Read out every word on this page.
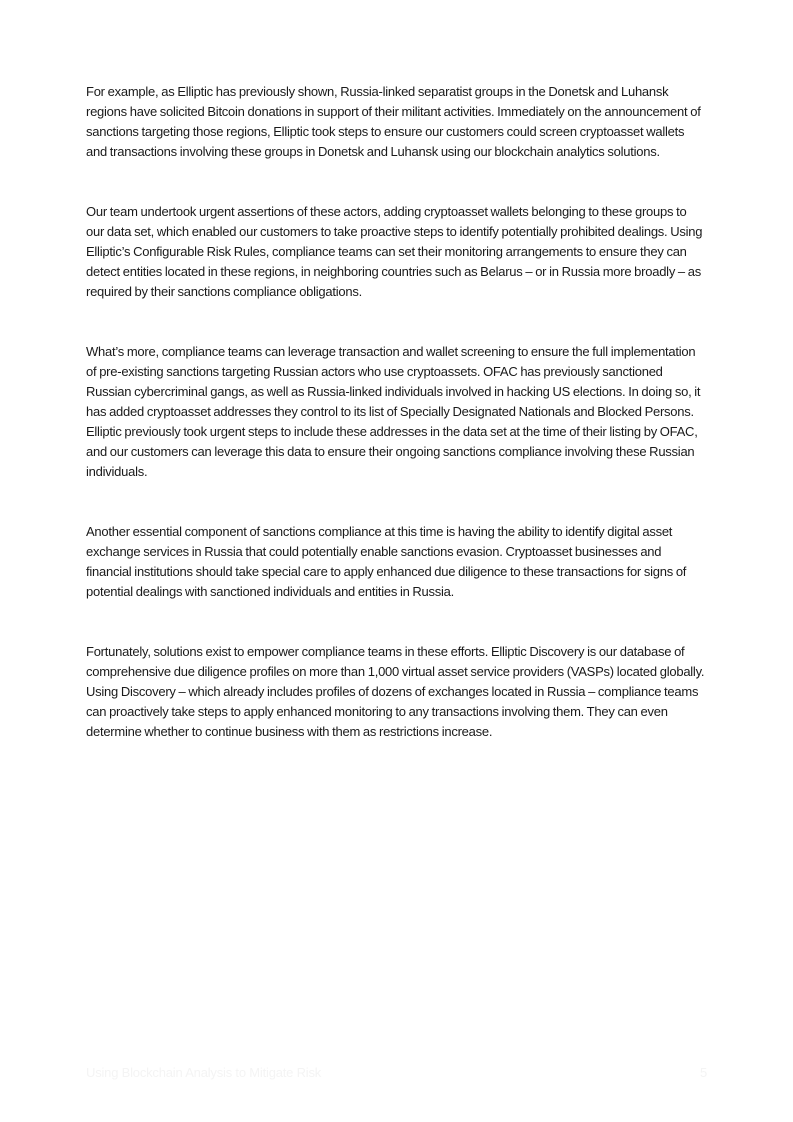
For example, as Elliptic has previously shown, Russia-linked separatist groups in the Donetsk and Luhansk regions have solicited Bitcoin donations in support of their militant activities. Immediately on the announcement of sanctions targeting those regions, Elliptic took steps to ensure our customers could screen cryptoasset wallets and transactions involving these groups in Donetsk and Luhansk using our blockchain analytics solutions.

Our team undertook urgent assertions of these actors, adding cryptoasset wallets belonging to these groups to our data set, which enabled our customers to take proactive steps to identify potentially prohibited dealings. Using Elliptic’s Configurable Risk Rules, compliance teams can set their monitoring arrangements to ensure they can detect entities located in these regions, in neighboring countries such as Belarus – or in Russia more broadly – as required by their sanctions compliance obligations.

What’s more, compliance teams can leverage transaction and wallet screening to ensure the full implementation of pre-existing sanctions targeting Russian actors who use cryptoassets. OFAC has previously sanctioned Russian cybercriminal gangs, as well as Russia-linked individuals involved in hacking US elections. In doing so, it has added cryptoasset addresses they control to its list of Specially Designated Nationals and Blocked Persons. Elliptic previously took urgent steps to include these addresses in the data set at the time of their listing by OFAC, and our customers can leverage this data to ensure their ongoing sanctions compliance involving these Russian individuals.

Another essential component of sanctions compliance at this time is having the ability to identify digital asset exchange services in Russia that could potentially enable sanctions evasion. Cryptoasset businesses and financial institutions should take special care to apply enhanced due diligence to these transactions for signs of potential dealings with sanctioned individuals and entities in Russia.

Fortunately, solutions exist to empower compliance teams in these efforts. Elliptic Discovery is our database of comprehensive due diligence profiles on more than 1,000 virtual asset service providers (VASPs) located globally. Using Discovery – which already includes profiles of dozens of exchanges located in Russia – compliance teams can proactively take steps to apply enhanced monitoring to any transactions involving them. They can even determine whether to continue business with them as restrictions increase.

Using Blockchain Analysis to Mitigate Risk	5
